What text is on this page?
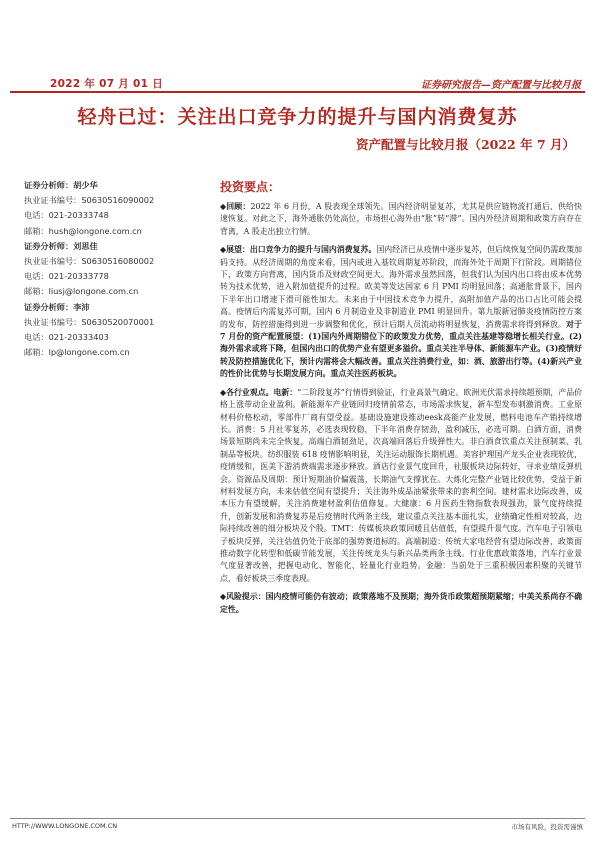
2022 年 07 月 01 日	证券研究报告—资产配置与比较月报
轻舟已过：关注出口竞争力的提升与国内消费复苏
资产配置与比较月报（2022 年 7 月）
证券分析师：胡少华
执业证书编号：S0630516090002
电话：021-20333748
邮箱：hush@longone.com.cn
证券分析师：刘思佳
执业证书编号：S0630516080002
电话：021-20333778
邮箱：liusj@longone.com.cn
证券分析师：李沛
执业证书编号：S0630520070001
电话：021-20333403
邮箱：lp@longone.com.cn
投资要点：

◆回顾：2022 年 6 月份，A 股表现全球领先。国内经济明显复苏，尤其是供应链物流打通后，供给快速恢复。对此之下，海外通胀仍处高位，市场担心海外由“胀”转“滞”。国内外经济周期和政策方向存在背离，A 股走出独立行情。

◆展望：出口竞争力的提升与国内消费复苏。国内经济已从疫情中逐步复苏，但后续恢复空间仍需政策加码支持。从经济周期的角度来看，国内或进入基钦周期复苏阶段，而海外处于周期下行阶段。周期错位下，政策方向背离，国内货币及财政空间更大。海外需求虽然回落，但我们认为国内出口将由成本优势转为技术优势，进入附加值提升的过程。欧美等发达国家 6 月 PMI 均明显回落；高通胀背景下，国内下半年出口增速下滑可能性加大。未来由于中国技术竞争力提升，高附加值产品的出口占比可能会提高。疫情后内需复苏可期，国内 6 月制造业及非制造业 PMI 明显回升。第九版新冠肺炎疫情防控方案的发布，防控措施得到进一步调整和优化，预计后期人员流动将明显恢复，消费需求将得到释放。对于 7 月份的资产配置展望：(1)国内外周期错位下的政策发力优势，重点关注基建等稳增长相关行业。(2)海外需求或将下降，但国内出口的优势产业有望更多溢价。重点关注半导体、新能源车产业。(3)疫情好转及防控措施优化下，预计内需将会大幅改善。重点关注消费行业，如：酒、旅游出行等。(4)新兴产业的性价比优势与长期发展方向。重点关注医药板块。

◆各行业观点。电新：“二阶段复苏”行情得到验证，行业高景气确定。欧洲光伏需求持续超预期，产品价格上涨带动企业盈利。新能源车产业链回归疫情前常态，市场需求恢复，新车型发布刺激消费。工业原材料价格松动，零部件厂商有望受益。基础设施建设推动eesk高能产业发展，燃料电池车产销持续增长。消费：5 月社零复苏，必选表现较稳，下半年消费存韧劲，盈利减压，必选可期。白酒方面，消费场景短期尚未完全恢复，高端白酒韧劲足，次高端回落后升级弹性大。非白酒食饮重点关注预制菜、乳制品等板块。纺织服装 618 疫情影响明显，关注运动服饰长期机遇。美容护理国产龙头企业表现较优，疫情缓和，医美下游消费端需求逐步释放。酒店行业景气度回升，社服板块边际转好，寻求业绩反弹机会。资源品及周期：预计短期油价偏震荡，长期油气支撑犹在。大炼化完整产业链比较优势，受益于新材料发展方向，未来估值空间有望提升；关注海外成品油紧张带来的套利空间。建材需求边际改善，成本压力有望缓解，关注消费建材盈利估值修复。大健康：6 月医药生物指数表现强劲，景气度持续提升，创新发展和消费复苏是后疫情时代两条主线，建议重点关注基本面扎实，业绩确定性相对较高，边际持续改善的细分板块及个股。TMT：传媒板块政策回暖且估值低，有望提升景气度。汽车电子引领电子板块反弹，关注估值仍处于底部的强势赛道标的。高端制造：传统大家电经营有望边际改善，政策面推动数字化转型和低碳节能发展，关注传统龙头与新兴品类两条主线。行业优惠政策落地，汽车行业景气度显著改善，把握电动化、智能化、轻量化行业趋势。金融：当前处于三重积极因素积聚的关键节点，看好板块三季度表现。

◆风险提示：国内疫情可能仍有波动；政策落地不及预期；海外货币政策超预期紧缩；中美关系尚存不确定性。

HTTP://WWW.LONGONE.COM.CN	市场有风险，投资需谨慎
